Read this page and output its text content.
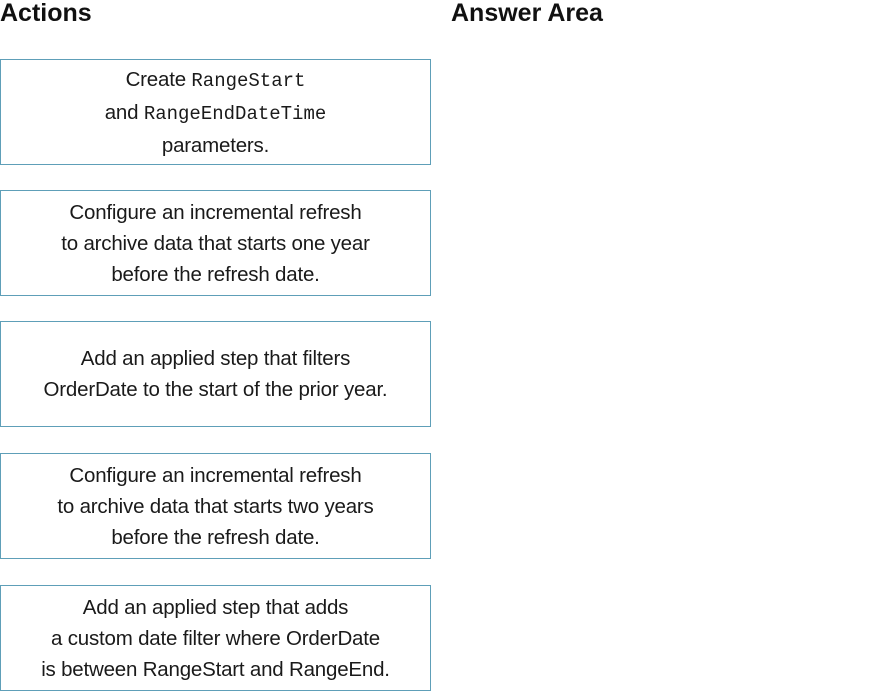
Actions	Answer Area
Create RangeStart
and RangeEndDateTime
parameters.
Configure an incremental refresh
to archive data that starts one year
before the refresh date.
Add an applied step that filters
OrderDate to the start of the prior year.
Configure an incremental refresh
to archive data that starts two years
before the refresh date.
Add an applied step that adds
a custom date filter where OrderDate
is between RangeStart and RangeEnd.
